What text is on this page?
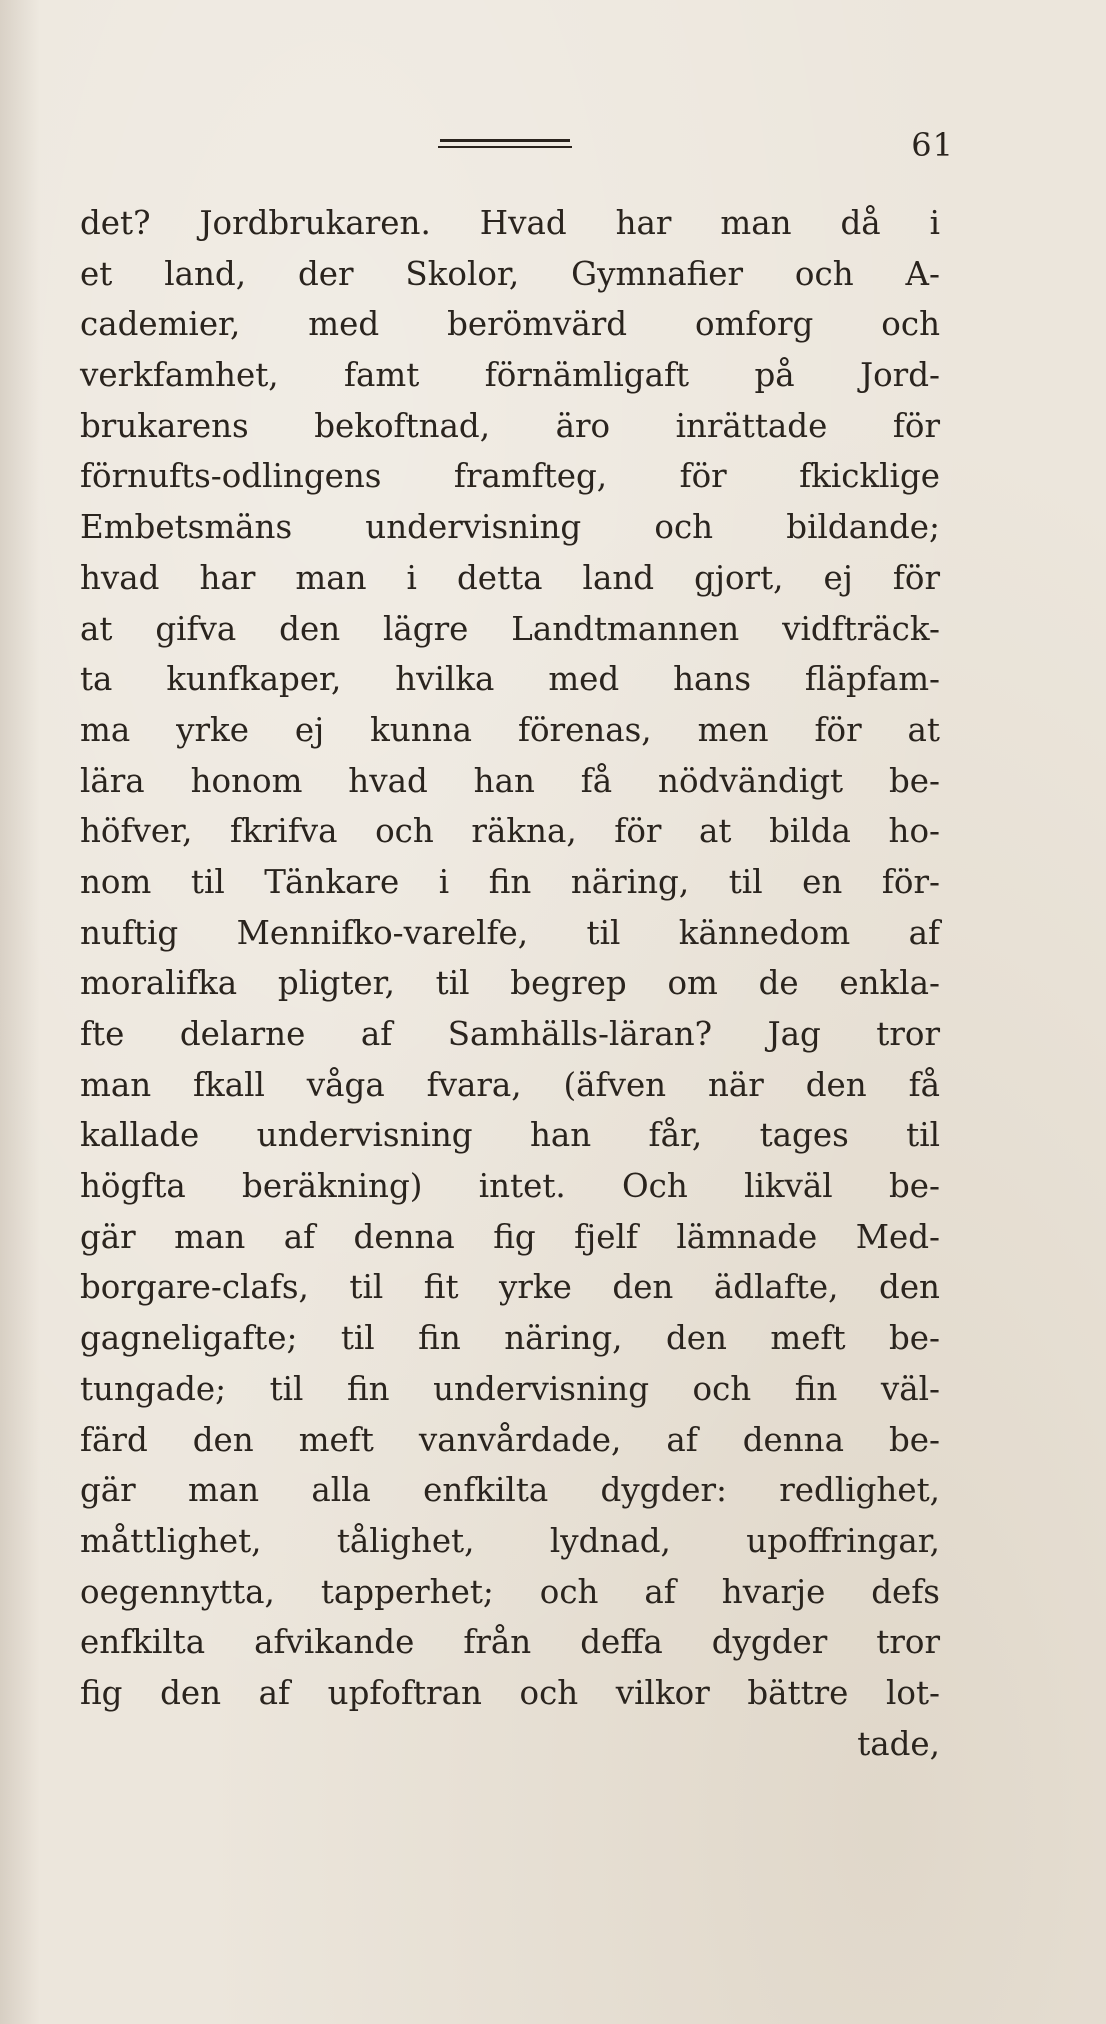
61
det? Jordbrukaren. Hvad har man då i
et land, der Skolor, Gymnafier och A-
cademier, med berömvärd omforg och
verkfamhet, famt förnämligaft på Jord-
brukarens bekoftnad, äro inrättade för
förnufts-odlingens framfteg, för fkicklige
Embetsmäns undervisning och bildande;
hvad har man i detta land gjort, ej för
at gifva den lägre Landtmannen vidfträck-
ta kunfkaper, hvilka med hans fläpfam-
ma yrke ej kunna förenas, men för at
lära honom hvad han få nödvändigt be-
höfver, fkrifva och räkna, för at bilda ho-
nom til Tänkare i fin näring, til en för-
nuftig Mennifko-varelfe, til kännedom af
moralifka pligter, til begrep om de enkla-
fte delarne af Samhälls-läran? Jag tror
man fkall våga fvara, (äfven när den få
kallade undervisning han får, tages til
högfta beräkning) intet. Och likväl be-
gär man af denna fig fjelf lämnade Med-
borgare-clafs, til fit yrke den ädlafte, den
gagneligafte; til fin näring, den meft be-
tungade; til fin undervisning och fin väl-
färd den meft vanvårdade, af denna be-
gär man alla enfkilta dygder: redlighet,
måttlighet, tålighet, lydnad, upoffringar,
oegennytta, tapperhet; och af hvarje defs
enfkilta afvikande från deffa dygder tror
fig den af upfoftran och vilkor bättre lot-
tade,
